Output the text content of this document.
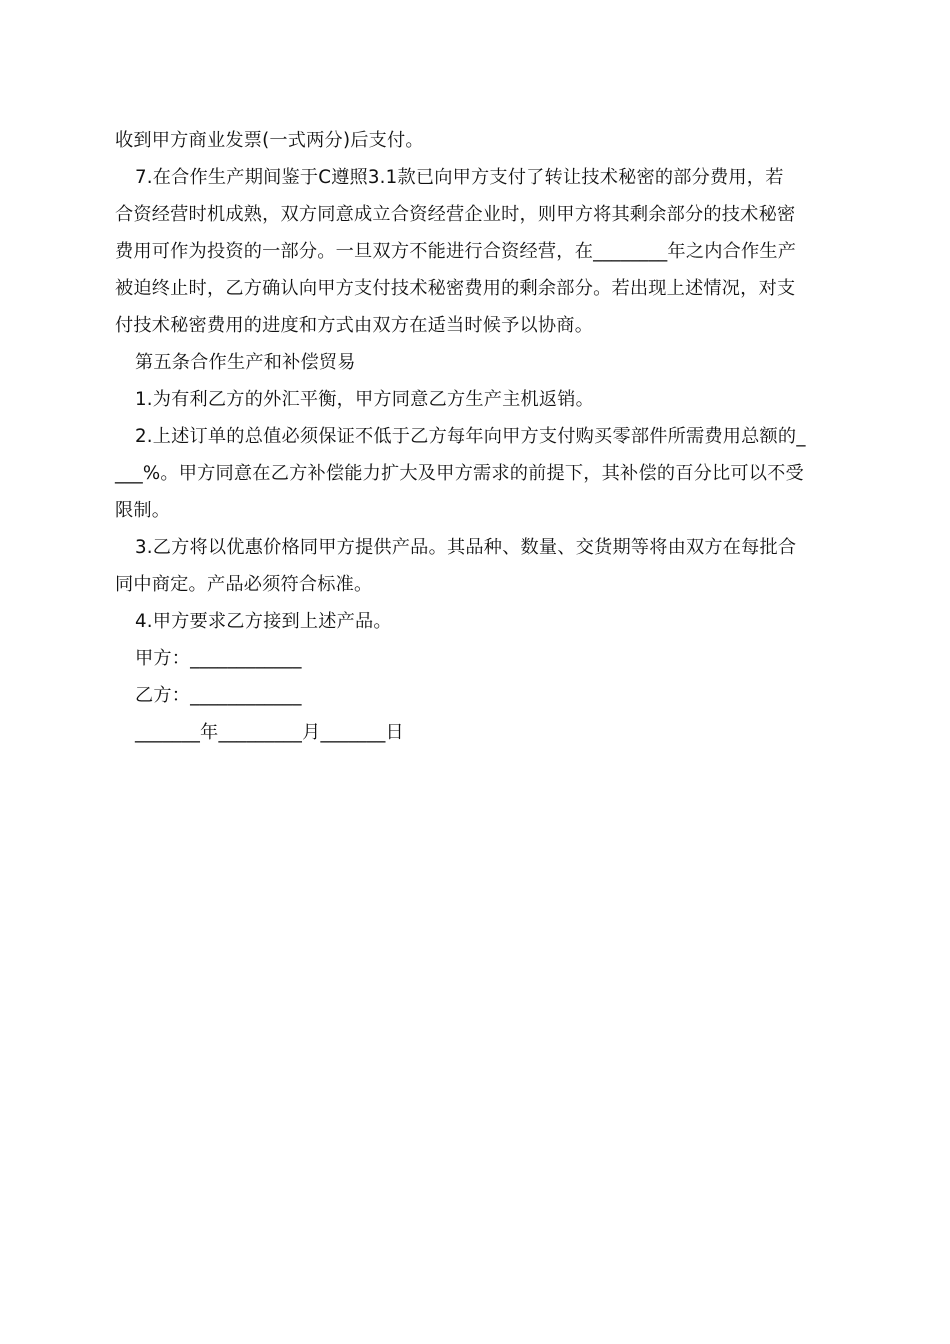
收到甲方商业发票(一式两分)后支付。
7.在合作生产期间鉴于C遵照3.1款已向甲方支付了转让技术秘密的部分费用，若
合资经营时机成熟，双方同意成立合资经营企业时，则甲方将其剩余部分的技术秘密
费用可作为投资的一部分。一旦双方不能进行合资经营，在________年之内合作生产
被迫终止时，乙方确认向甲方支付技术秘密费用的剩余部分。若出现上述情况，对支
付技术秘密费用的进度和方式由双方在适当时候予以协商。
第五条合作生产和补偿贸易
1.为有利乙方的外汇平衡，甲方同意乙方生产主机返销。
2.上述订单的总值必须保证不低于乙方每年向甲方支付购买零部件所需费用总额的_
___%。甲方同意在乙方补偿能力扩大及甲方需求的前提下，其补偿的百分比可以不受
限制。
3.乙方将以优惠价格同甲方提供产品。其品种、数量、交货期等将由双方在每批合
同中商定。产品必须符合标准。
4.甲方要求乙方接到上述产品。
甲方：____________
乙方：____________
_______年_________月_______日
